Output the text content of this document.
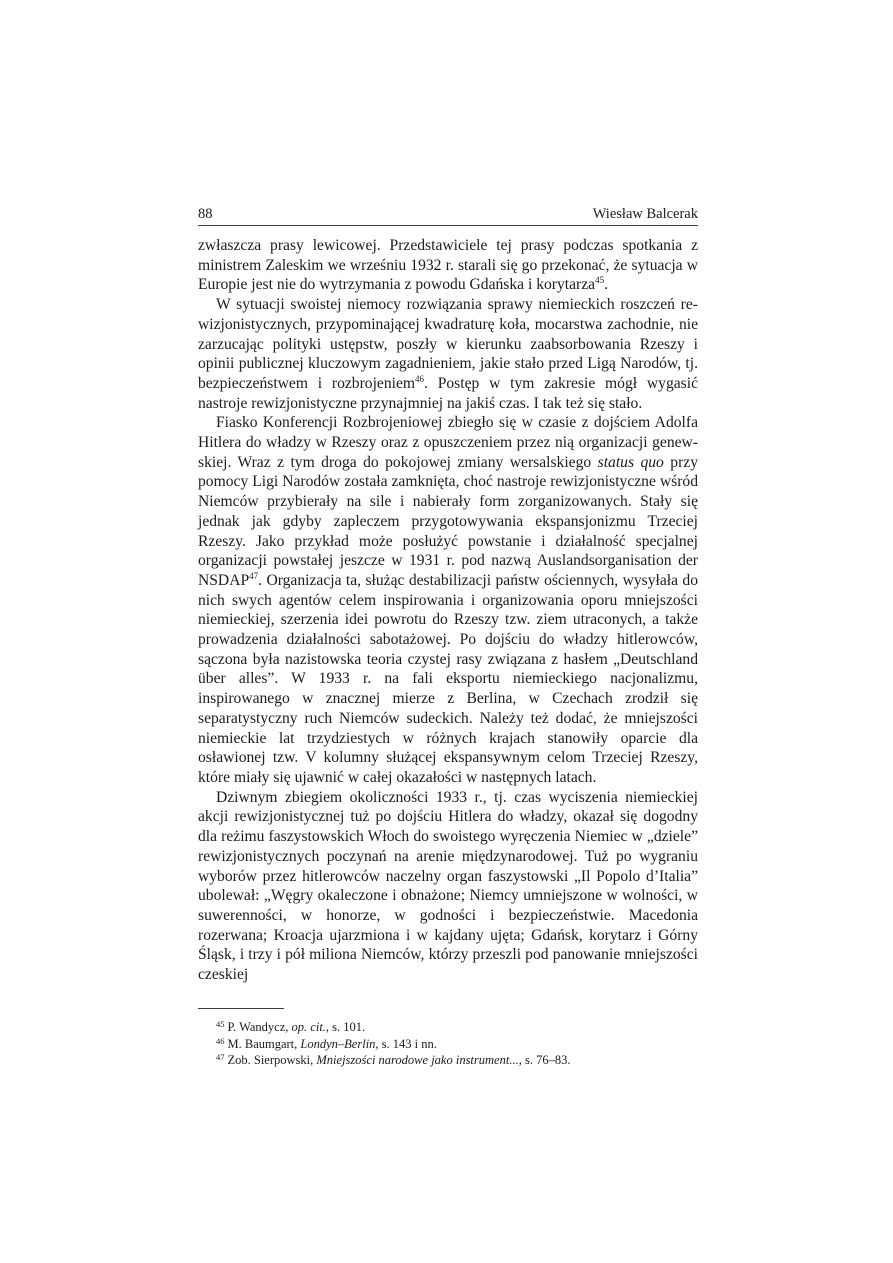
88	Wiesław Balcerak

zwłaszcza prasy lewicowej. Przedstawiciele tej prasy podczas spotkania z ministrem Zaleskim we wrześniu 1932 r. starali się go przekonać, że sytuacja w Europie jest nie do wytrzymania z powodu Gdańska i korytarza$^{45}$.

W sytuacji swoistej niemocy rozwiązania sprawy niemieckich roszczeń rewizjonistycznych, przypominającej kwadraturę koła, mocarstwa zachodnie, nie zarzucając polityki ustępstw, poszły w kierunku zaabsorbowania Rzeszy i opinii publicznej kluczowym zagadnieniem, jakie stało przed Ligą Narodów, tj. bezpieczeństwem i rozbrojeniem$^{46}$. Postęp w tym zakresie mógł wygasić nastroje rewizjonistyczne przynajmniej na jakiś czas. I tak też się stało.

Fiasko Konferencji Rozbrojeniowej zbiegło się w czasie z dojściem Adolfa Hitlera do władzy w Rzeszy oraz z opuszczeniem przez nią organizacji genewskiej. Wraz z tym droga do pokojowej zmiany wersalskiego status quo przy pomocy Ligi Narodów została zamknięta, choć nastroje rewizjonistyczne wśród Niemców przybierały na sile i nabierały form zorganizowanych. Stały się jednak jak gdyby zapleczem przygotowywania ekspansjonizmu Trzeciej Rzeszy. Jako przykład może posłużyć powstanie i działalność specjalnej organizacji powstałej jeszcze w 1931 r. pod nazwą Auslandsorganisation der NSDAP$^{47}$. Organizacja ta, służąc destabilizacji państw ościennych, wysyłała do nich swych agentów celem inspirowania i organizowania oporu mniejszości niemieckiej, szerzenia idei powrotu do Rzeszy tzw. ziem utraconych, a także prowadzenia działalności sabotażowej. Po dojściu do władzy hitlerowców, sączona była nazistowska teoria czystej rasy związana z hasłem „Deutschland über alles”. W 1933 r. na fali eksportu niemieckiego nacjonalizmu, inspirowanego w znacznej mierze z Berlina, w Czechach zrodził się separatystyczny ruch Niemców sudeckich. Należy też dodać, że mniejszości niemieckie lat trzydziestych w różnych krajach stanowiły oparcie dla osławionej tzw. V kolumny służącej ekspansywnym celom Trzeciej Rzeszy, które miały się ujawnić w całej okazałości w następnych latach.

Dziwnym zbiegiem okoliczności 1933 r., tj. czas wyciszenia niemieckiej akcji rewizjonistycznej tuż po dojściu Hitlera do władzy, okazał się dogodny dla reżimu faszystowskich Włoch do swoistego wyręczenia Niemiec w „dziele” rewizjonistycznych poczynań na arenie międzynarodowej. Tuż po wygraniu wyborów przez hitlerowców naczelny organ faszystowski „Il Popolo d’Italia” ubolewał: „Węgry okaleczone i obnażone; Niemcy umniejszone w wolności, w suwerenności, w honorze, w godności i bezpieczeństwie. Macedonia rozerwana; Kroacja ujarzmiona i w kajdany ujęta; Gdańsk, korytarz i Górny Śląsk, i trzy i pół miliona Niemców, którzy przeszli pod panowanie mniejszości czeskiej

$^{45}$ P. Wandycz, op. cit., s. 101.
$^{46}$ M. Baumgart, Londyn–Berlin, s. 143 i nn.
$^{47}$ Zob. Sierpowski, Mniejszości narodowe jako instrument..., s. 76–83.
